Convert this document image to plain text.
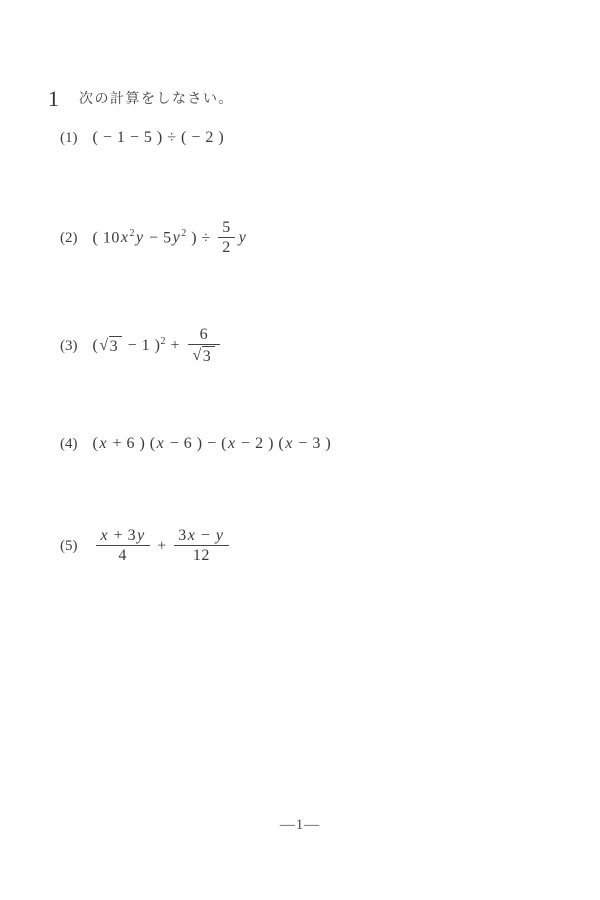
1 次の計算をしなさい。
(1) ( − 1 − 5 ) ÷ ( − 2 )
(2) ( $10x^2y - 5y^2$ ) ÷ $\frac{5}{2}$ y
(3) ( √ 3 − 1 )$^2 + \frac{6}{√ 3}$
(4) (x + 6 ) (x − 6 ) − (x − 2 ) (x − 3 )
$(5) \frac{x + 3y}{4} + \frac{3x - y}{12}$
—1—
